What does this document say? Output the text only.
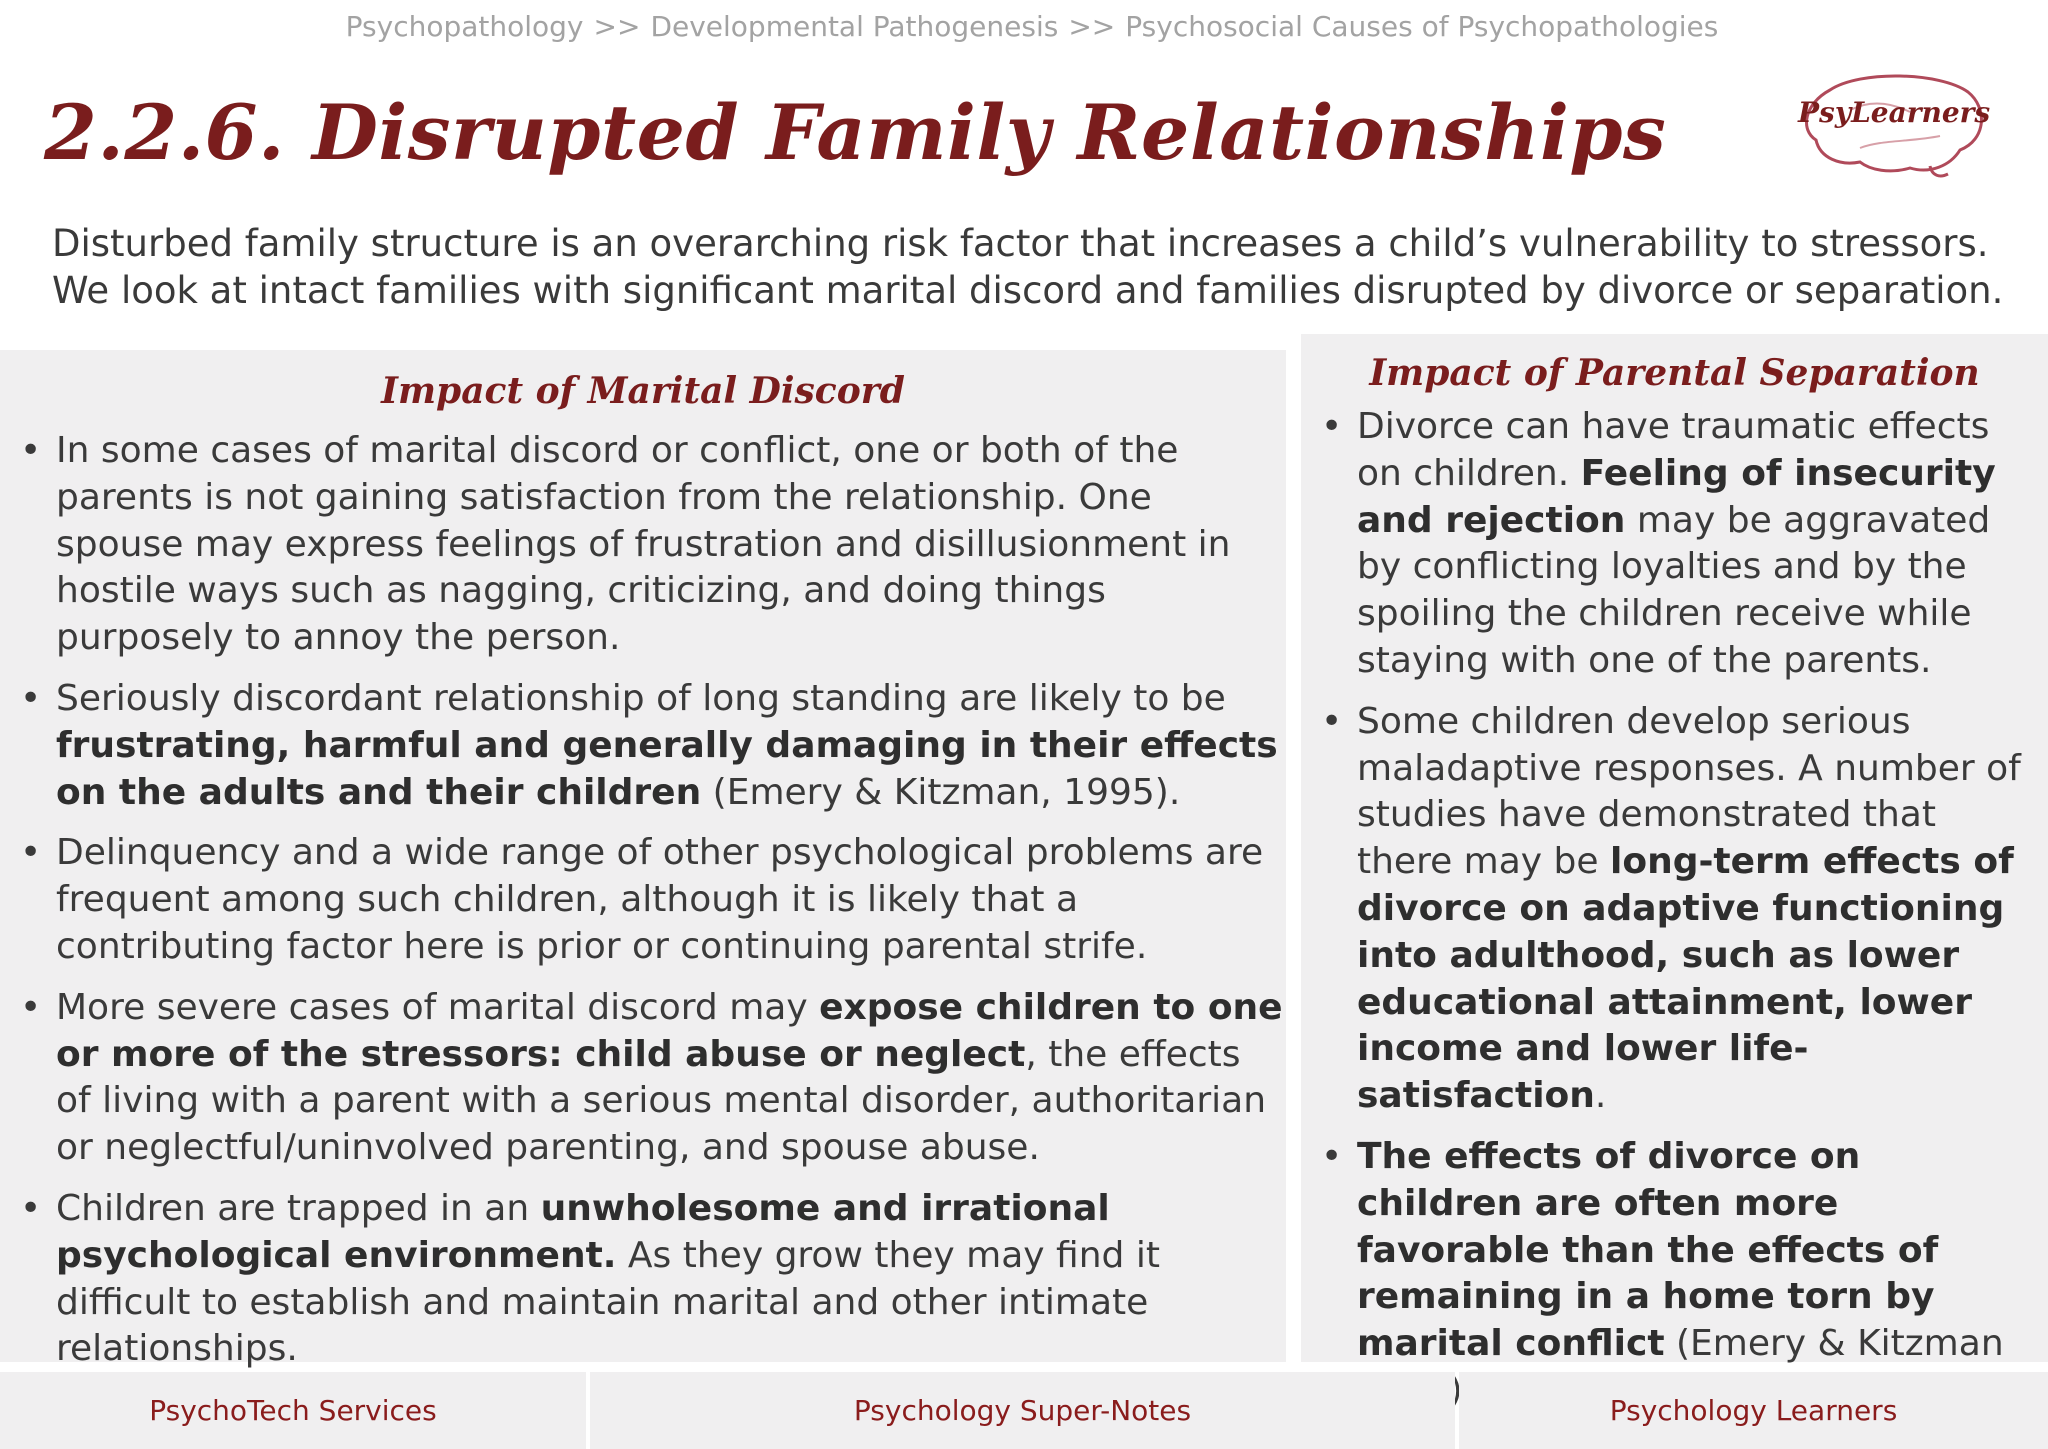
Psychopathology >> Developmental Pathogenesis >> Psychosocial Causes of Psychopathologies
2.2.6. Disrupted Family Relationships	PsyLearners

Disturbed family structure is an overarching risk factor that increases a child’s vulnerability to stressors. We look at intact families with significant marital discord and families disrupted by divorce or separation.

Impact of Marital Discord
• In some cases of marital discord or conflict, one or both of the parents is not gaining satisfaction from the relationship. One spouse may express feelings of frustration and disillusionment in hostile ways such as nagging, criticizing, and doing things purposely to annoy the person.
• Seriously discordant relationship of long standing are likely to be frustrating, harmful and generally damaging in their effects on the adults and their children (Emery & Kitzman, 1995).
• Delinquency and a wide range of other psychological problems are frequent among such children, although it is likely that a contributing factor here is prior or continuing parental strife.
• More severe cases of marital discord may expose children to one or more of the stressors: child abuse or neglect, the effects of living with a parent with a serious mental disorder, authoritarian or neglectful/uninvolved parenting, and spouse abuse.
• Children are trapped in an unwholesome and irrational psychological environment. As they grow they may find it difficult to establish and maintain marital and other intimate relationships.
Impact of Parental Separation
• Divorce can have traumatic effects on children. Feeling of insecurity and rejection may be aggravated by conflicting loyalties and by the spoiling the children receive while staying with one of the parents.
• Some children develop serious maladaptive responses. A number of studies have demonstrated that there may be long-term effects of divorce on adaptive functioning into adulthood, such as lower educational attainment, lower income and lower life-satisfaction.
• The effects of divorce on children are often more favorable than the effects of remaining in a home torn by marital conflict (Emery & Kitzman
PsychoTech Services	Psychology Super-Notes	Psychology Learners
